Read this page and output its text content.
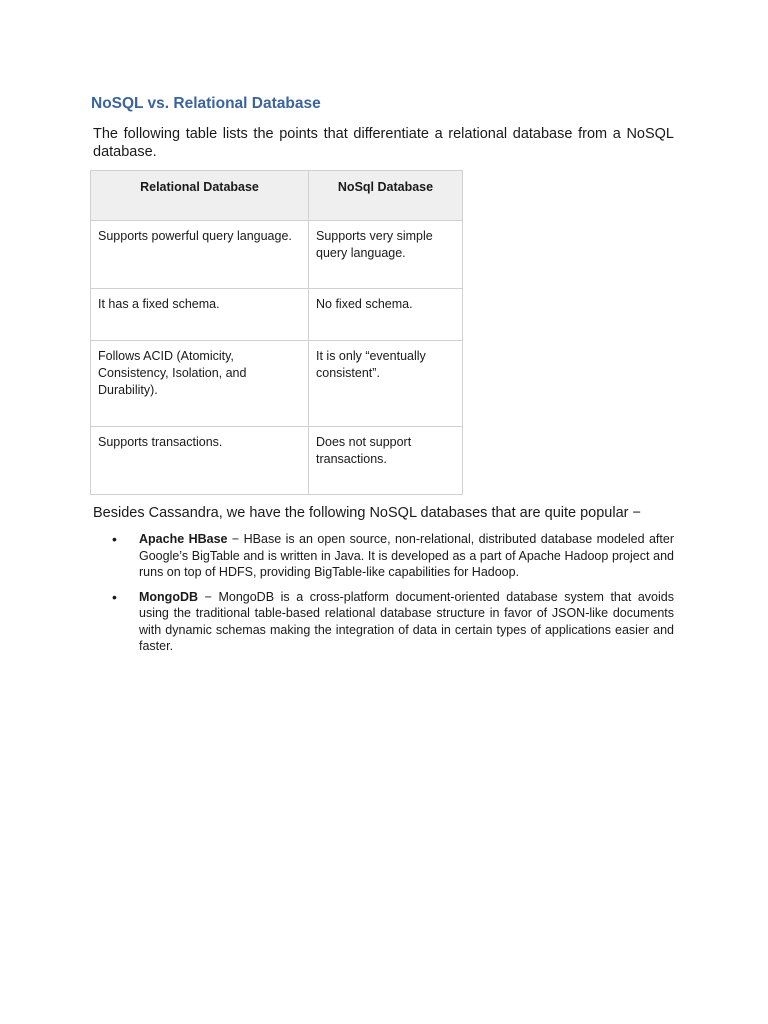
NoSQL vs. Relational Database

The following table lists the points that differentiate a relational database from a NoSQL database.

Relational Database	NoSql Database
Supports powerful query language.	Supports very simple query language.
It has a fixed schema.	No fixed schema.
Follows ACID (Atomicity, Consistency, Isolation, and Durability).	It is only “eventually consistent”.
Supports transactions.	Does not support transactions.

Besides Cassandra, we have the following NoSQL databases that are quite popular −

• Apache HBase − HBase is an open source, non-relational, distributed database modeled after Google’s BigTable and is written in Java. It is developed as a part of Apache Hadoop project and runs on top of HDFS, providing BigTable-like capabilities for Hadoop.
• MongoDB − MongoDB is a cross-platform document-oriented database system that avoids using the traditional table-based relational database structure in favor of JSON-like documents with dynamic schemas making the integration of data in certain types of applications easier and faster.
